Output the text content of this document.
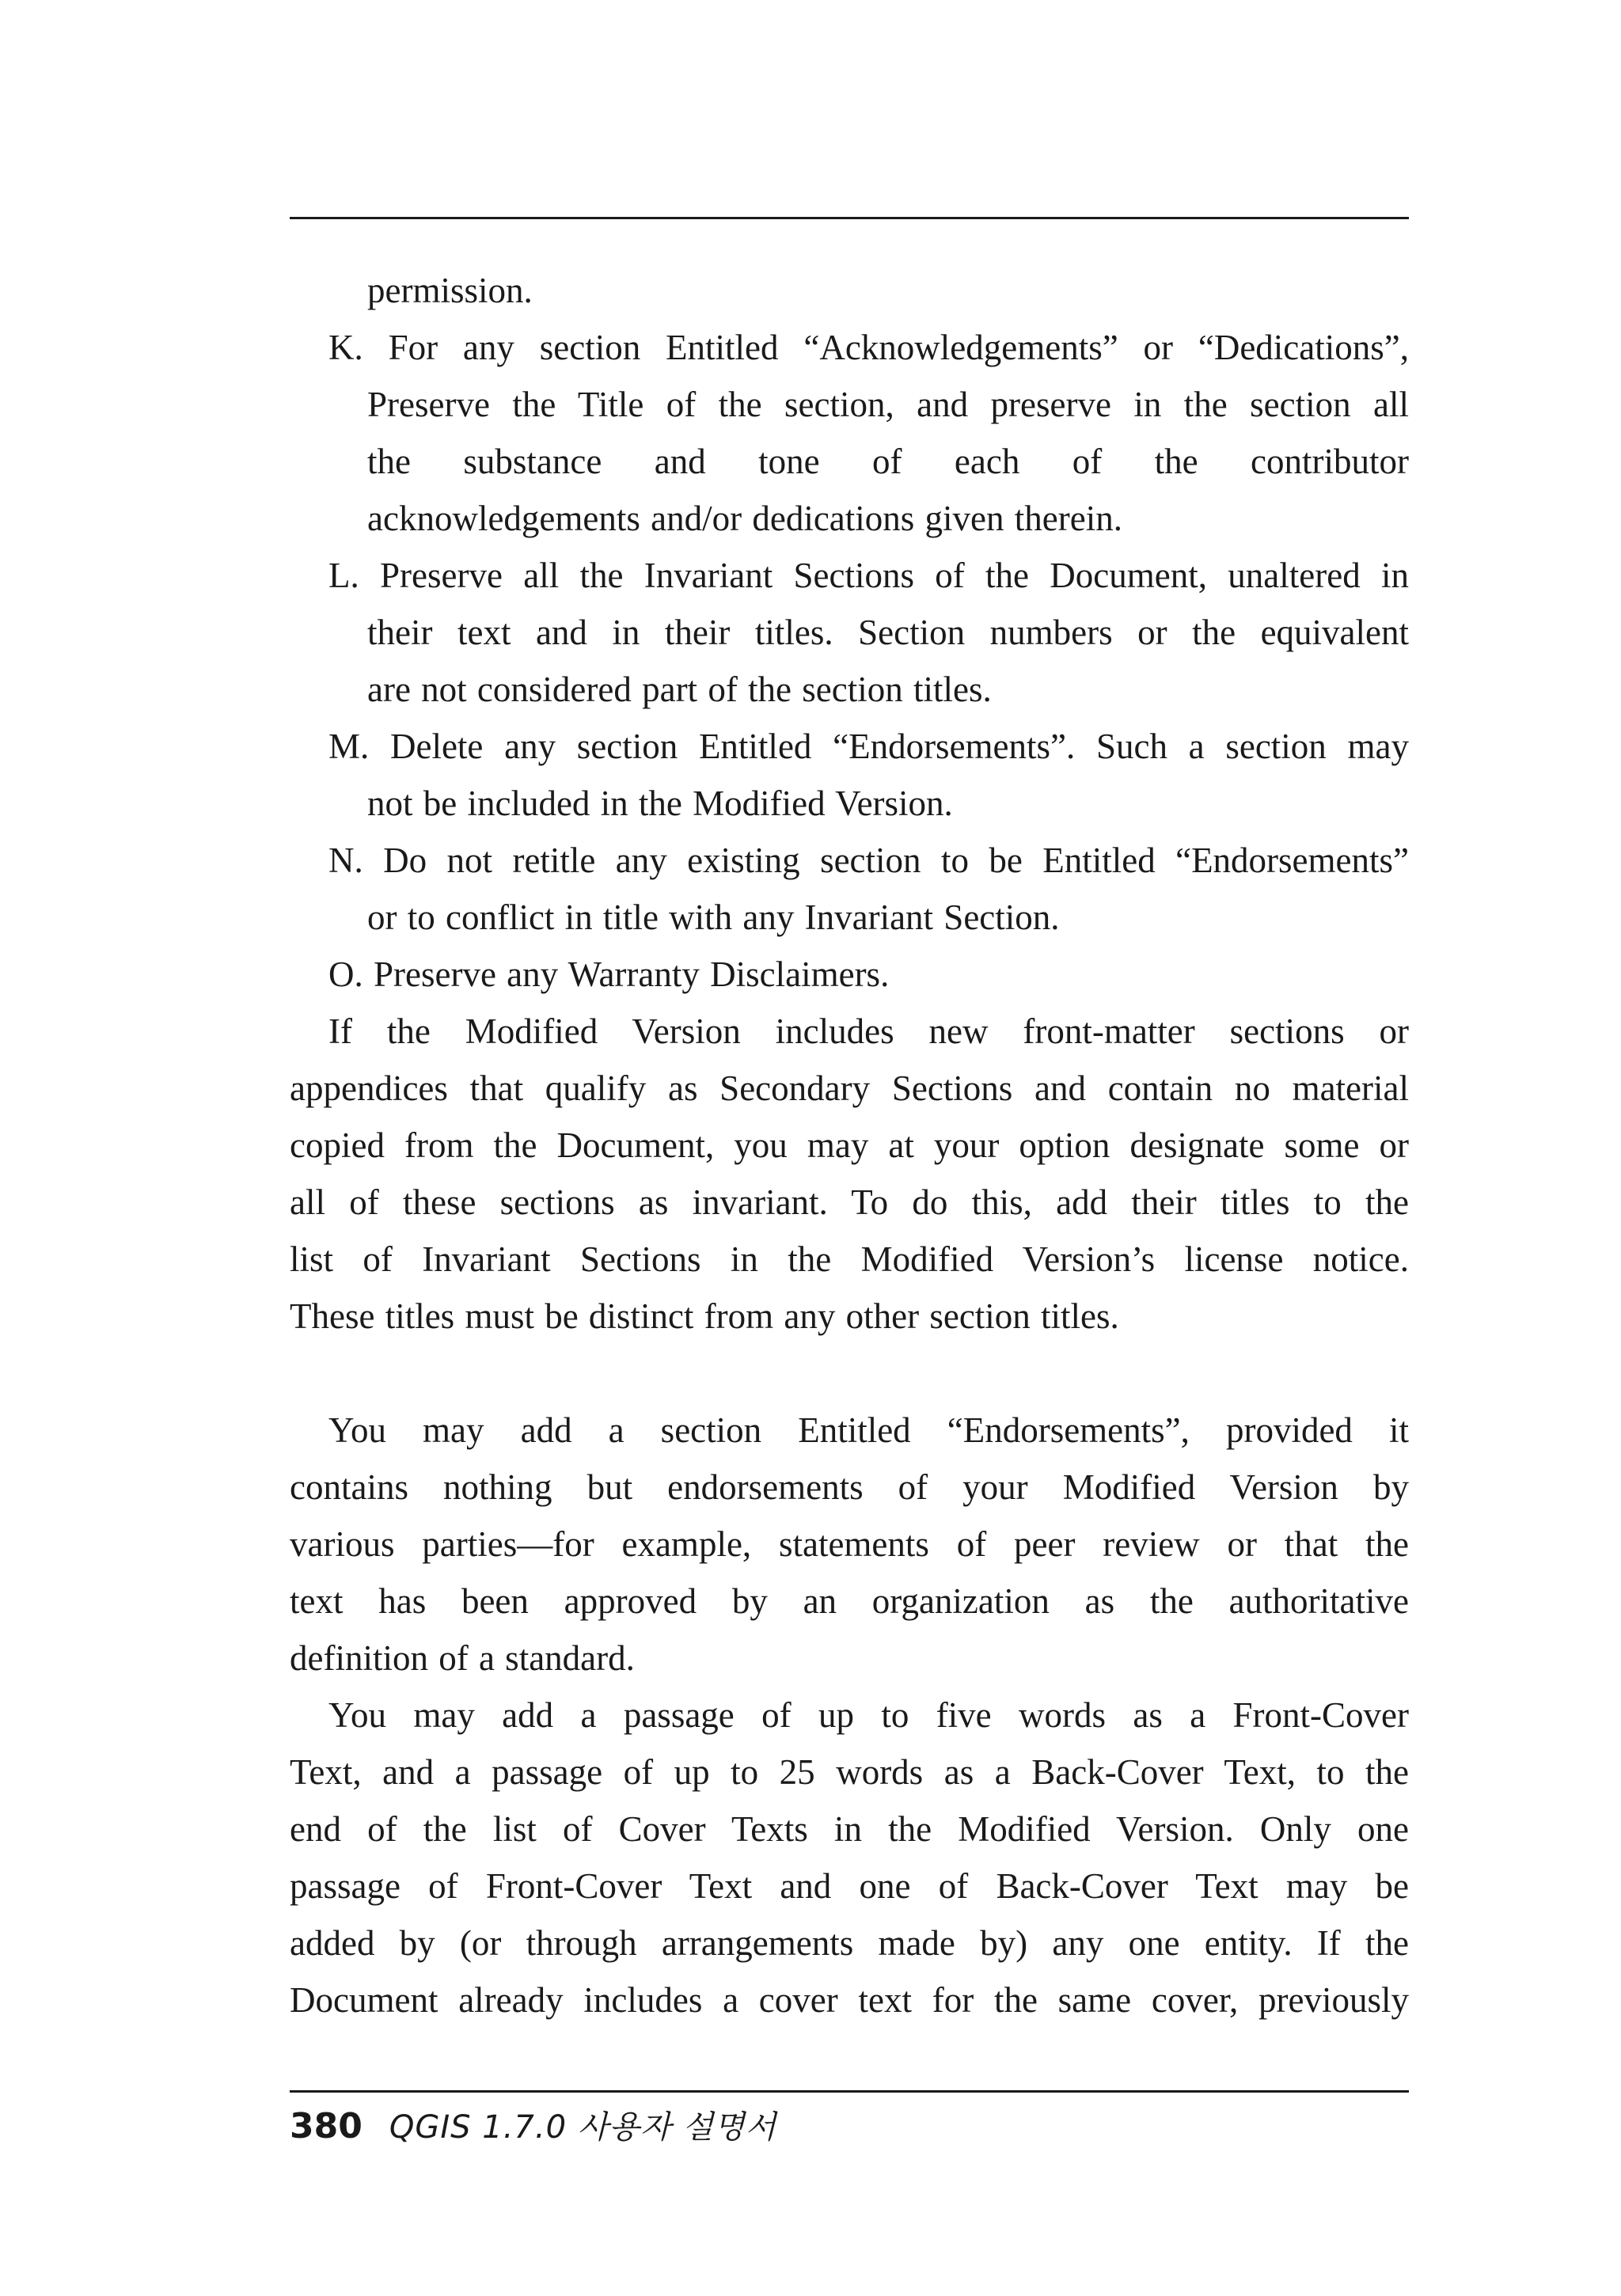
permission.
K. For any section Entitled “Acknowledgements” or “Dedications”,
Preserve the Title of the section, and preserve in the section all
the substance and tone of each of the contributor
acknowledgements and/or dedications given therein.
L. Preserve all the Invariant Sections of the Document, unaltered in
their text and in their titles. Section numbers or the equivalent
are not considered part of the section titles.
M. Delete any section Entitled “Endorsements”. Such a section may
not be included in the Modified Version.
N. Do not retitle any existing section to be Entitled “Endorsements”
or to conflict in title with any Invariant Section.
O. Preserve any Warranty Disclaimers.
If the Modified Version includes new front-matter sections or
appendices that qualify as Secondary Sections and contain no material
copied from the Document, you may at your option designate some or
all of these sections as invariant. To do this, add their titles to the
list of Invariant Sections in the Modified Version’s license notice.
These titles must be distinct from any other section titles.
You may add a section Entitled “Endorsements”, provided it
contains nothing but endorsements of your Modified Version by
various parties—for example, statements of peer review or that the
text has been approved by an organization as the authoritative
definition of a standard.
You may add a passage of up to five words as a Front-Cover
Text, and a passage of up to 25 words as a Back-Cover Text, to the
end of the list of Cover Texts in the Modified Version. Only one
passage of Front-Cover Text and one of Back-Cover Text may be
added by (or through arrangements made by) any one entity. If the
Document already includes a cover text for the same cover, previously
380 QGIS 1.7.0 사용자 설명서
